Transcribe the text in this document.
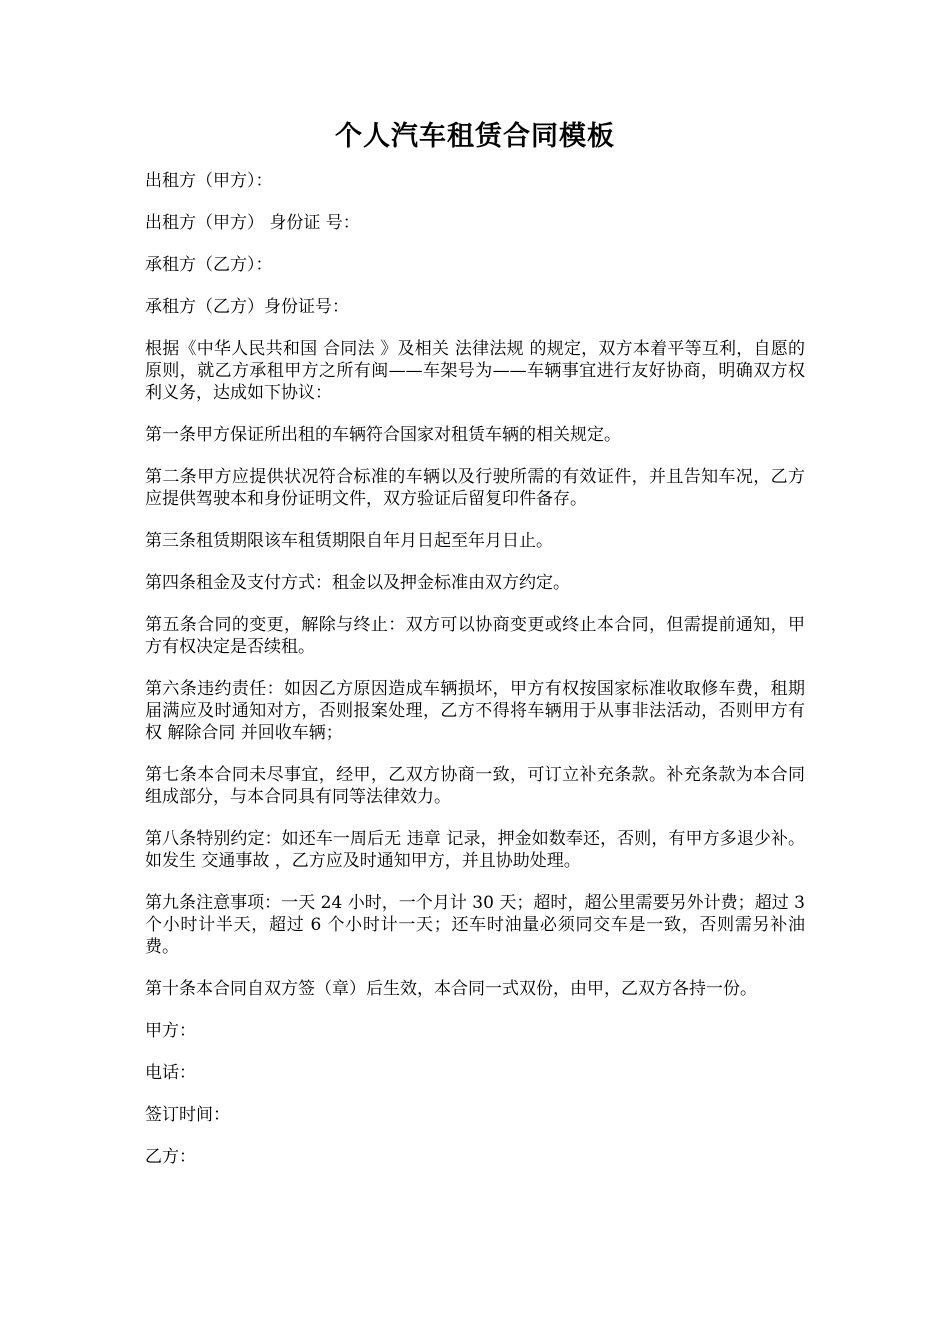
个人汽车租赁合同模板

出租方（甲方）：

出租方（甲方） 身份证 号：

承租方（乙方）：

承租方（乙方）身份证号：

根据《中华人民共和国 合同法 》及相关 法律法规 的规定，双方本着平等互利，自愿的原则，就乙方承租甲方之所有闽——车架号为——车辆事宜进行友好协商，明确双方权利义务，达成如下协议：

第一条甲方保证所出租的车辆符合国家对租赁车辆的相关规定。

第二条甲方应提供状况符合标准的车辆以及行驶所需的有效证件，并且告知车况，乙方应提供驾驶本和身份证明文件，双方验证后留复印件备存。

第三条租赁期限该车租赁期限自年月日起至年月日止。

第四条租金及支付方式：租金以及押金标准由双方约定。

第五条合同的变更，解除与终止：双方可以协商变更或终止本合同，但需提前通知，甲方有权决定是否续租。

第六条违约责任：如因乙方原因造成车辆损坏，甲方有权按国家标准收取修车费，租期届满应及时通知对方，否则报案处理，乙方不得将车辆用于从事非法活动，否则甲方有权 解除合同 并回收车辆；

第七条本合同未尽事宜，经甲，乙双方协商一致，可订立补充条款。补充条款为本合同组成部分，与本合同具有同等法律效力。

第八条特别约定：如还车一周后无 违章 记录，押金如数奉还，否则，有甲方多退少补。如发生 交通事故 ，乙方应及时通知甲方，并且协助处理。

第九条注意事项：一天 24 小时，一个月计 30 天；超时，超公里需要另外计费；超过 3 个小时计半天，超过 6 个小时计一天；还车时油量必须同交车是一致，否则需另补油费。

第十条本合同自双方签（章）后生效，本合同一式双份，由甲，乙双方各持一份。

甲方：

电话：

签订时间：

乙方：
